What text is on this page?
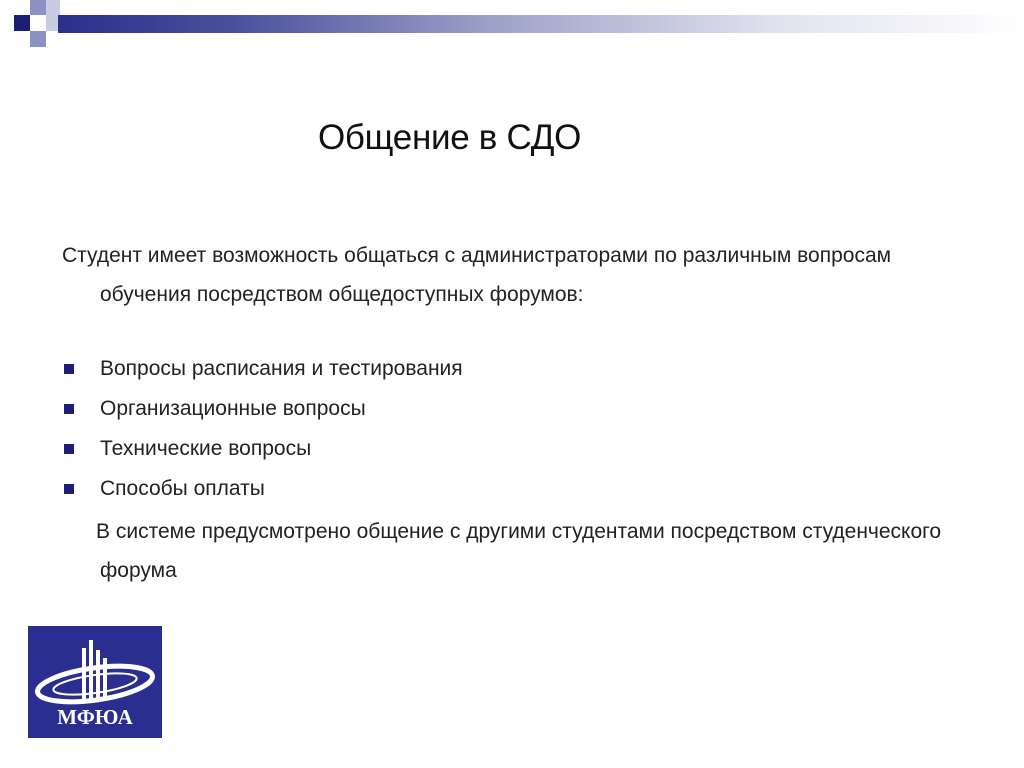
Общение в СДО
Студент имеет возможность общаться с администраторами по различным вопросам
обучения посредством общедоступных форумов:
Вопросы расписания и тестирования
Организационные вопросы
Технические вопросы
Способы оплаты
В системе предусмотрено общение с другими студентами посредством студенческого
форума
МФЮА
